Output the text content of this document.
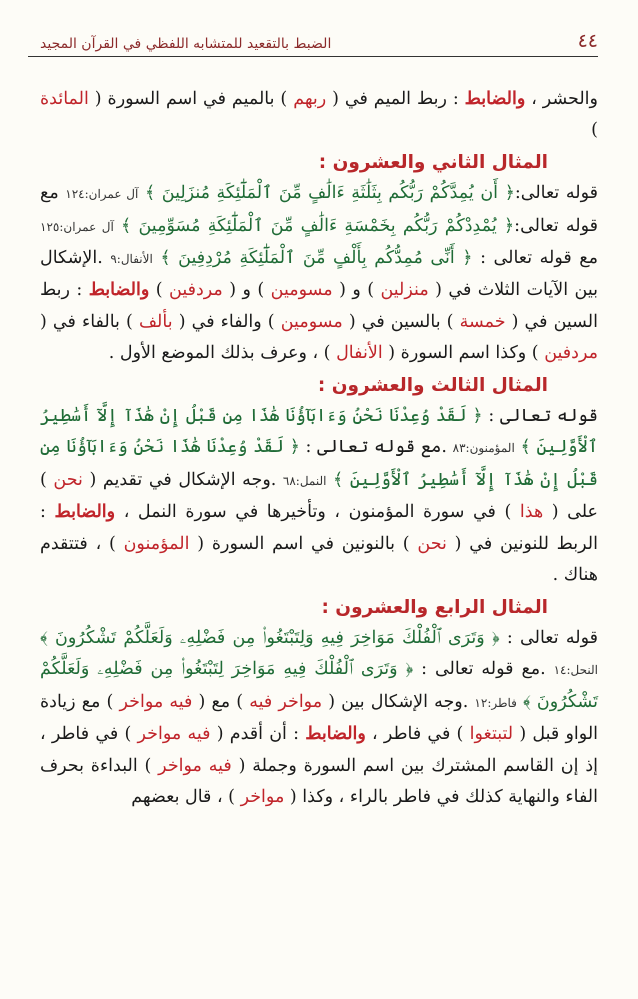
٤٤
الضبط بالتقعيد للمتشابه اللفظي في القرآن المجيد
والحشر ، والضابط : ربط الميم في ( ربهم ) بالميم في اسم السورة ( المائدة )
المثال الثاني والعشرون :
قوله تعالى:﴿ أَن يُمِدَّكُمْ رَبُّكُم بِثَلَٰثَةِ ءَالَٰفٍ مِّنَ ٱلْمَلَٰٓئِكَةِ مُنزَلِينَ ﴾ آل عمران:١٢٤ مع قوله تعالى:﴿ يُمْدِدْكُمْ رَبُّكُم بِخَمْسَةِ ءَالَٰفٍ مِّنَ ٱلْمَلَٰٓئِكَةِ مُسَوِّمِينَ ﴾ آل عمران:١٢٥ مع قوله تعالى : ﴿ أَنِّى مُمِدُّكُم بِأَلْفٍ مِّنَ ٱلْمَلَٰٓئِكَةِ مُرْدِفِينَ ﴾ الأنفال:٩ .الإشكال بين الآيات الثلاث في ( منزلين ) و ( مسومين ) و ( مردفين ) والضابط : ربط السين في ( خمسة ) بالسين في ( مسومين ) والفاء في ( بألف ) بالفاء في ( مردفين ) وكذا اسم السورة ( الأنفال ) ، وعرف بذلك الموضع الأول .
المثال الثالث والعشرون :
قوله تعالى : ﴿ لَقَدْ وُعِدْنَا نَحْنُ وَءَابَآؤُنَا هَٰذَا مِن قَبْلُ إِنْ هَٰذَآ إِلَّآ أَسَٰطِيرُ ٱلْأَوَّلِينَ ﴾ المؤمنون:٨٣ .مع قوله تعالى : ﴿ لَقَدْ وُعِدْنَا هَٰذَا نَحْنُ وَءَابَآؤُنَا مِن قَبْلُ إِنْ هَٰذَآ إِلَّآ أَسَٰطِيرُ ٱلْأَوَّلِينَ ﴾ النمل:٦٨ .وجه الإشكال في تقديم ( نحن ) على ( هذا ) في سورة المؤمنون ، وتأخيرها في سورة النمل ، والضابط : الربط للنونين في ( نحن ) بالنونين في اسم السورة ( المؤمنون ) ، فتتقدم هناك .
المثال الرابع والعشرون :
قوله تعالى : ﴿ وَتَرَى ٱلْفُلْكَ مَوَاخِرَ فِيهِ وَلِتَبْتَغُوا۟ مِن فَضْلِهِۦ وَلَعَلَّكُمْ تَشْكُرُونَ ﴾ النحل:١٤ .مع قوله تعالى : ﴿ وَتَرَى ٱلْفُلْكَ فِيهِ مَوَاخِرَ لِتَبْتَغُوا۟ مِن فَضْلِهِۦ وَلَعَلَّكُمْ تَشْكُرُونَ ﴾ فاطر:١٢ .وجه الإشكال بين ( مواخر فيه ) مع ( فيه مواخر ) مع زيادة الواو قبل ( لتبتغوا ) في فاطر ، والضابط : أن أقدم ( فيه مواخر ) في فاطر ، إذ إن القاسم المشترك بين اسم السورة وجملة ( فيه مواخر ) البداءة بحرف الفاء والنهاية كذلك في فاطر بالراء ، وكذا ( مواخر ) ، قال بعضهم
